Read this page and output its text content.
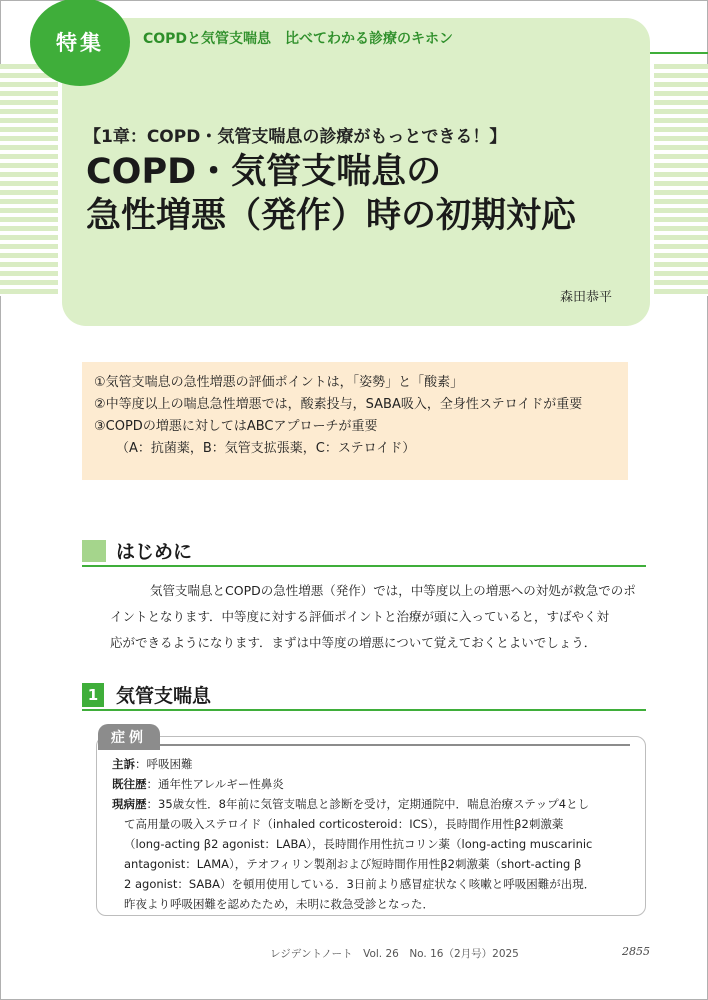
特集	COPDと気管支喘息　比べてわかる診療のキホン
【1章：COPD・気管支喘息の診療がもっとできる！】
COPD・気管支喘息の
急性増悪（発作）時の初期対応
森田恭平
①気管支喘息の急性増悪の評価ポイントは，「姿勢」と「酸素」
②中等度以上の喘息急性増悪では，酸素投与，SABA吸入，全身性ステロイドが重要
③COPDの増悪に対してはABCアプローチが重要
（A：抗菌薬，B：気管支拡張薬，C：ステロイド）
はじめに
気管支喘息とCOPDの急性増悪（発作）では，中等度以上の増悪への対処が救急でのポ
イントとなります．中等度に対する評価ポイントと治療が頭に入っていると，すばやく対
応ができるようになります．まずは中等度の増悪について覚えておくとよいでしょう．
1 気管支喘息
症例
主訴：呼吸困難
既往歴：通年性アレルギー性鼻炎
現病歴：35歳女性．8年前に気管支喘息と診断を受け，定期通院中．喘息治療ステップ4とし
て高用量の吸入ステロイド（inhaled corticosteroid：ICS），長時間作用性β2刺激薬
（long-acting β2 agonist：LABA），長時間作用性抗コリン薬（long-acting muscarinic
antagonist：LAMA），テオフィリン製剤および短時間作用性β2刺激薬（short-acting β
2 agonist：SABA）を頓用使用している．3日前より感冒症状なく咳嗽と呼吸困難が出現．
昨夜より呼吸困難を認めたため，未明に救急受診となった．
レジデントノート　Vol. 26　No. 16（2月号）2025	2855
